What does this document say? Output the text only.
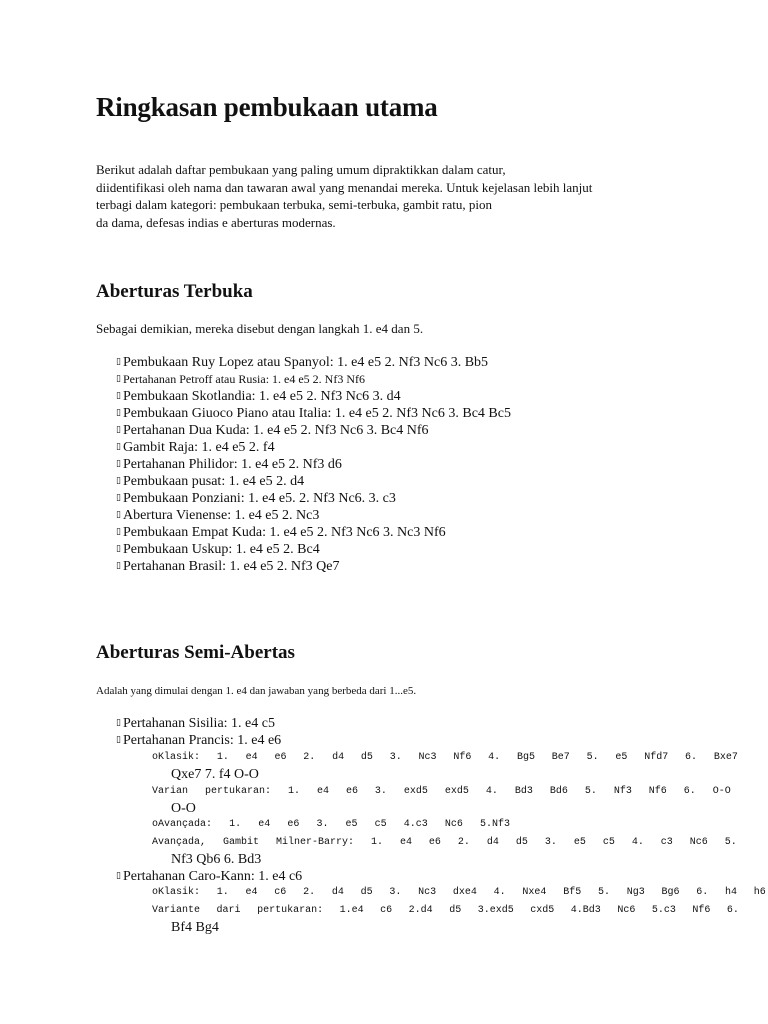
Ringkasan pembukaan utama
Berikut adalah daftar pembukaan yang paling umum dipraktikkan dalam catur,
diidentifikasi oleh nama dan tawaran awal yang menandai mereka. Untuk kejelasan lebih lanjut
terbagi dalam kategori: pembukaan terbuka, semi-terbuka, gambit ratu, pion
da dama, defesas indias e aberturas modernas.
Aberturas Terbuka
Sebagai demikian, mereka disebut dengan langkah 1. e4 dan 5.
▯ Pembukaan Ruy Lopez atau Spanyol: 1. e4 e5 2. Nf3 Nc6 3. Bb5
▯ Pertahanan Petroff atau Rusia: 1. e4 e5 2. Nf3 Nf6
▯ Pembukaan Skotlandia: 1. e4 e5 2. Nf3 Nc6 3. d4
▯ Pembukaan Giuoco Piano atau Italia: 1. e4 e5 2. Nf3 Nc6 3. Bc4 Bc5
▯ Pertahanan Dua Kuda: 1. e4 e5 2. Nf3 Nc6 3. Bc4 Nf6
▯ Gambit Raja: 1. e4 e5 2. f4
▯ Pertahanan Philidor: 1. e4 e5 2. Nf3 d6
▯ Pembukaan pusat: 1. e4 e5 2. d4
▯ Pembukaan Ponziani: 1. e4 e5. 2. Nf3 Nc6. 3. c3
▯ Abertura Vienense: 1. e4 e5 2. Nc3
▯ Pembukaan Empat Kuda: 1. e4 e5 2. Nf3 Nc6 3. Nc3 Nf6
▯ Pembukaan Uskup: 1. e4 e5 2. Bc4
▯ Pertahanan Brasil: 1. e4 e5 2. Nf3 Qe7
Aberturas Semi-Abertas
Adalah yang dimulai dengan 1. e4 dan jawaban yang berbeda dari 1...e5.
▯ Pertahanan Sisilia: 1. e4 c5
▯ Pertahanan Prancis: 1. e4 e6
oKlasik: 1. e4 e6 2. d4 d5 3. Nc3 Nf6 4. Bg5 Be7 5. e5 Nfd7 6. Bxe7
Qxe7 7. f4 O-O
Varian pertukaran: 1. e4 e6 3. exd5 exd5 4. Bd3 Bd6 5. Nf3 Nf6 6. O-O
O-O
oAvançada: 1. e4 e6 3. e5 c5 4.c3 Nc6 5.Nf3
Avançada, Gambit Milner-Barry: 1. e4 e6 2. d4 d5 3. e5 c5 4. c3 Nc6 5.
Nf3 Qb6 6. Bd3
▯ Pertahanan Caro-Kann: 1. e4 c6
oKlasik: 1. e4 c6 2. d4 d5 3. Nc3 dxe4 4. Nxe4 Bf5 5. Ng3 Bg6 6. h4 h6
Variante dari pertukaran: 1.e4 c6 2.d4 d5 3.exd5 cxd5 4.Bd3 Nc6 5.c3 Nf6 6.
Bf4 Bg4
